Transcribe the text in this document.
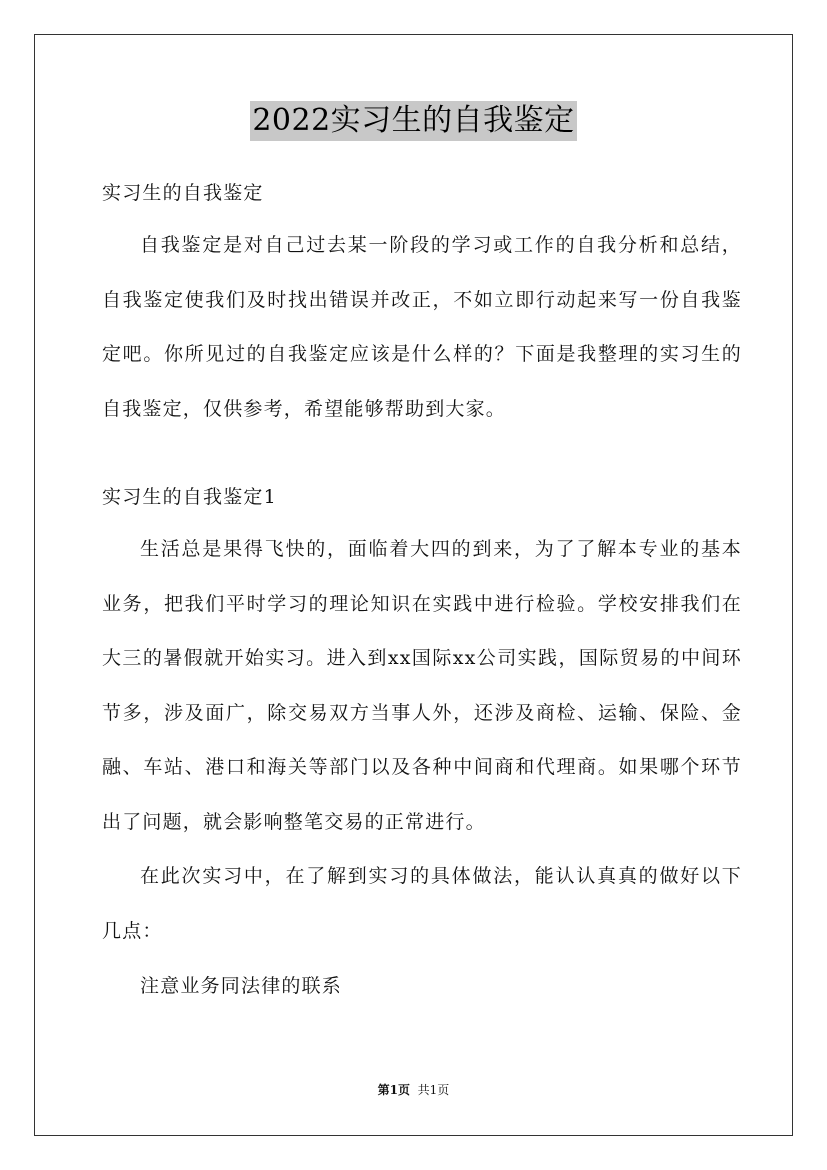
2022实习生的自我鉴定

实习生的自我鉴定

自我鉴定是对自己过去某一阶段的学习或工作的自我分析和总结，自我鉴定使我们及时找出错误并改正，不如立即行动起来写一份自我鉴定吧。你所见过的自我鉴定应该是什么样的？下面是我整理的实习生的自我鉴定，仅供参考，希望能够帮助到大家。

实习生的自我鉴定1

生活总是果得飞快的，面临着大四的到来，为了了解本专业的基本业务，把我们平时学习的理论知识在实践中进行检验。学校安排我们在大三的暑假就开始实习。进入到xx国际xx公司实践，国际贸易的中间环节多，涉及面广，除交易双方当事人外，还涉及商检、运输、保险、金融、车站、港口和海关等部门以及各种中间商和代理商。如果哪个环节出了问题，就会影响整笔交易的正常进行。

在此次实习中，在了解到实习的具体做法，能认认真真的做好以下几点：

注意业务同法律的联系

第1页 共1页
